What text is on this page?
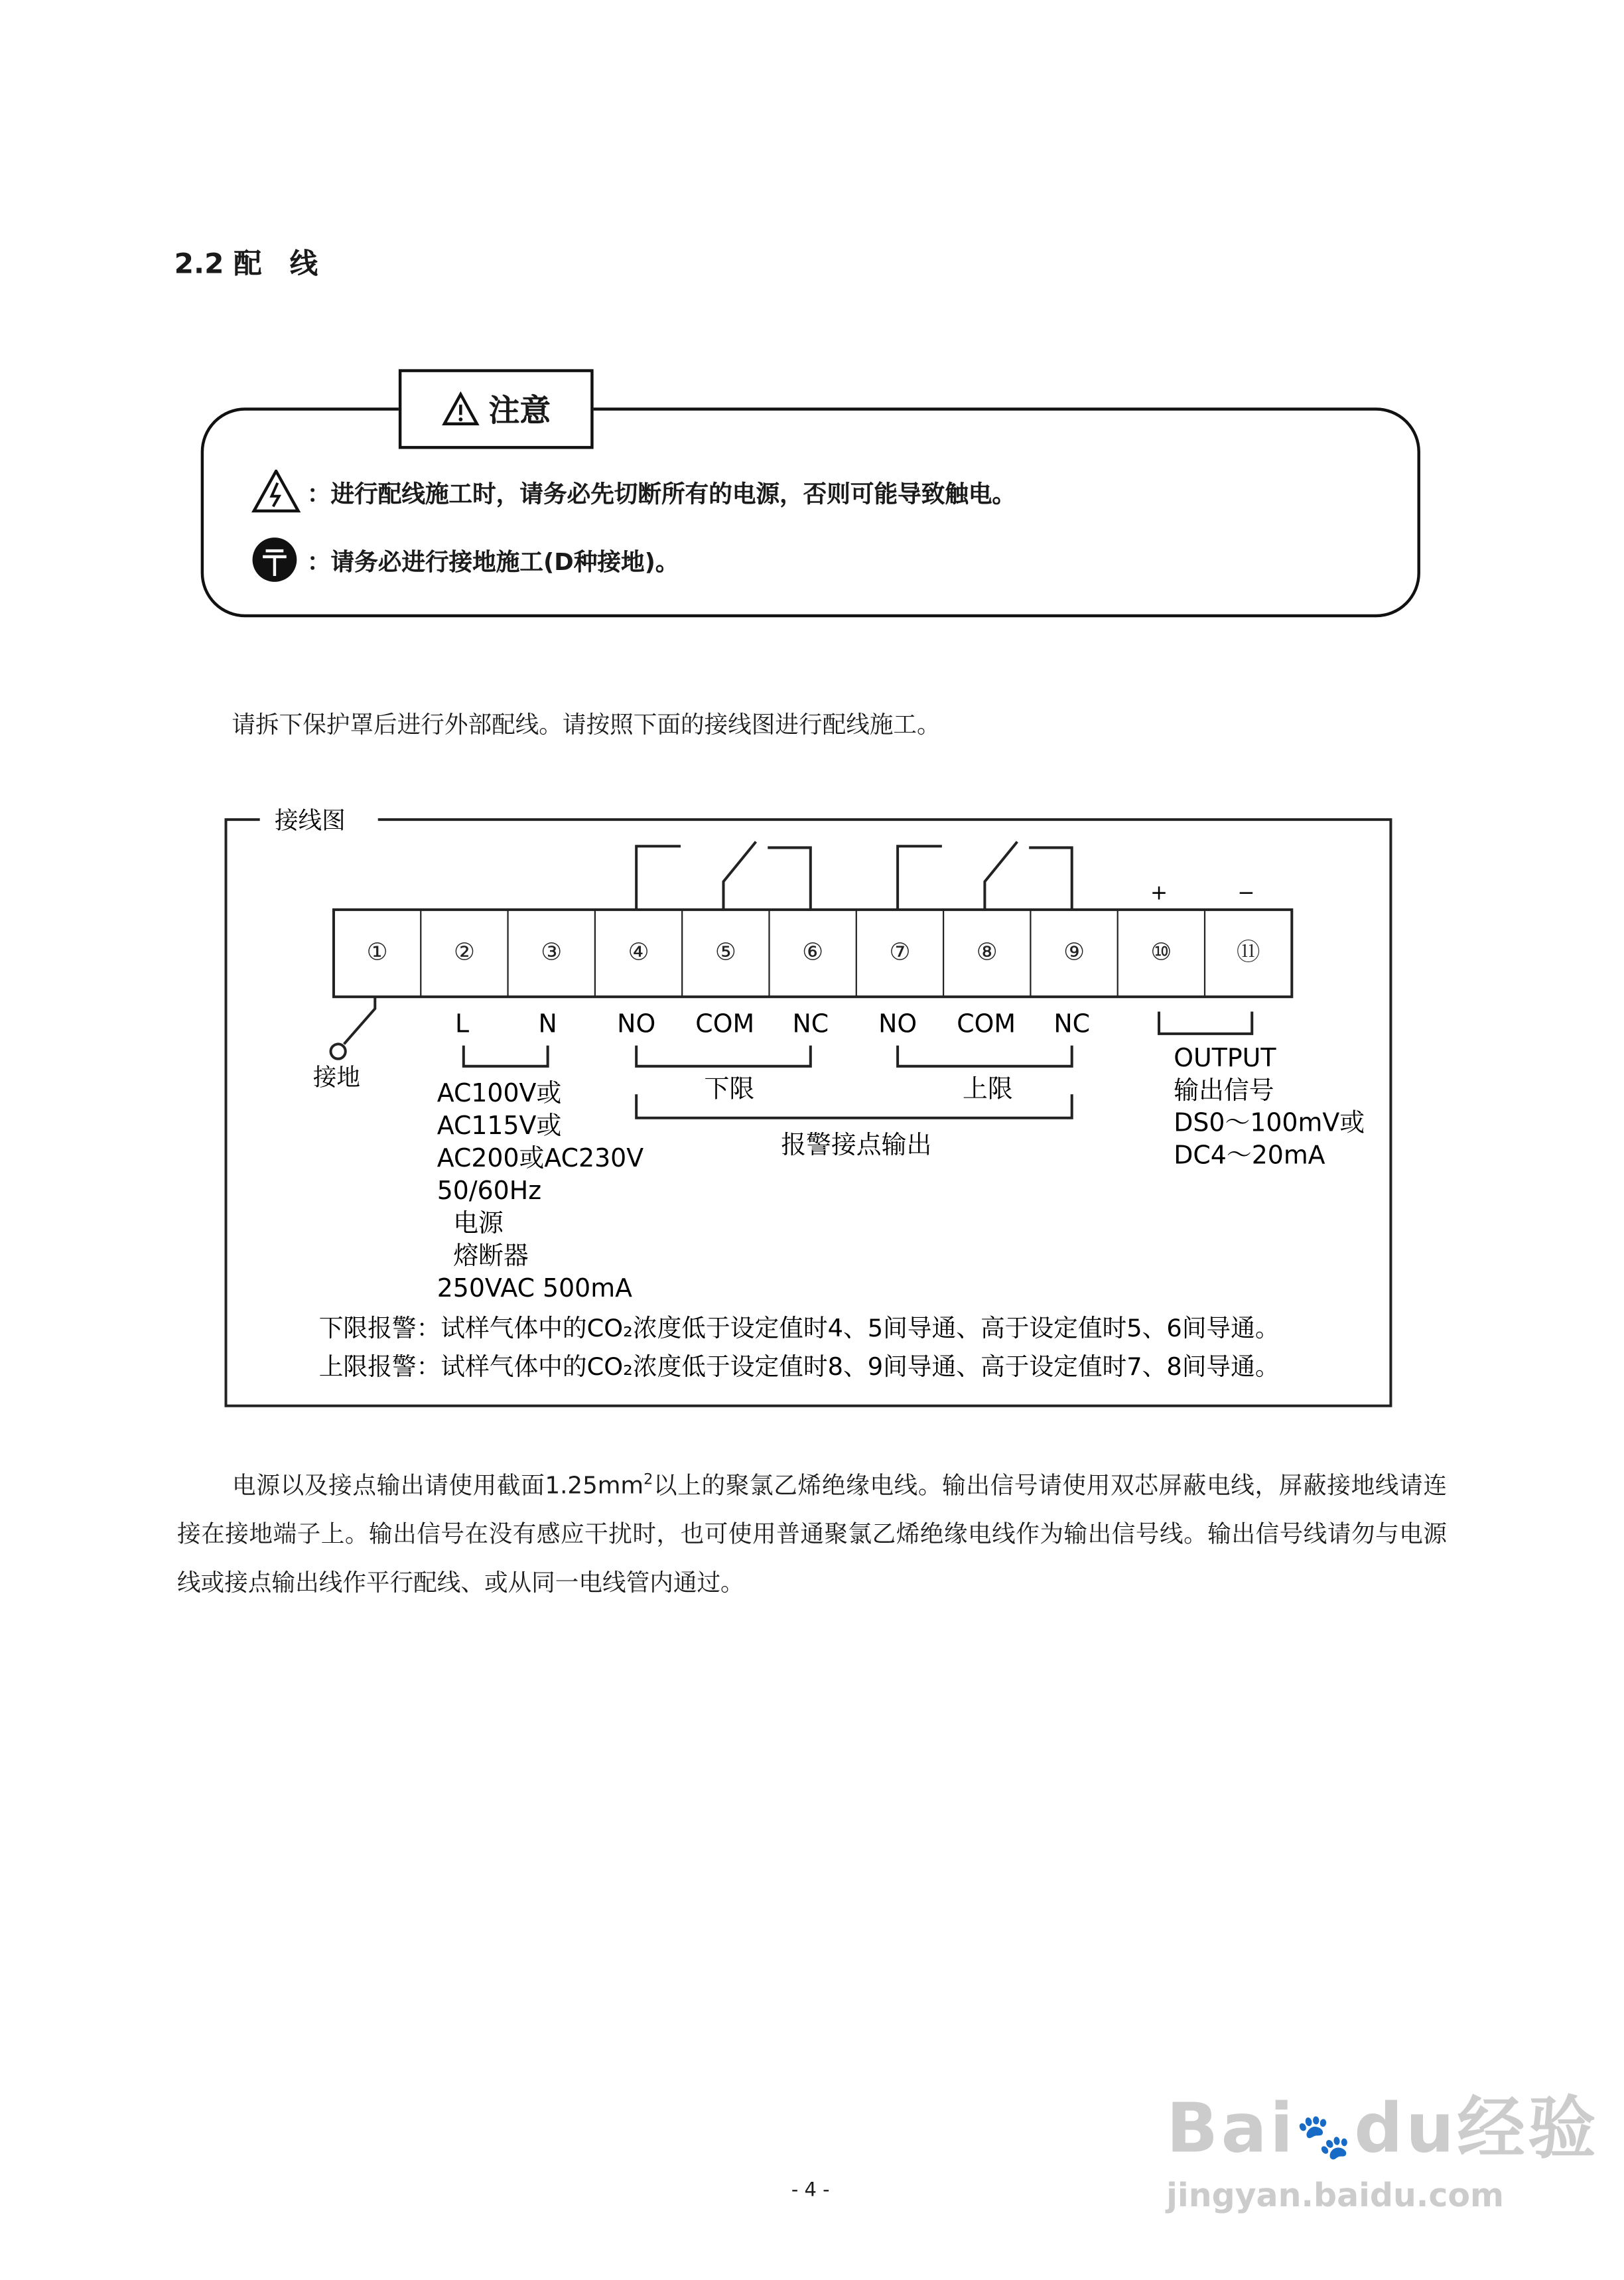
2.2 配　线
注意
：进行配线施工时，请务必先切断所有的电源，否则可能导致触电。
：请务必进行接地施工(D种接地)。
请拆下保护罩后进行外部配线。请按照下面的接线图进行配线施工。
①	②	③	④	⑤	⑥	⑦	⑧	⑨	⑩	⑪
+	−
接线图
L	N	NO	COM	NC	NO	COM	NC
接地
AC100V或
AC115V或
AC200或AC230V
50/60Hz
电源
熔断器
250VAC 500mA
下限	上限
报警接点输出
OUTPUT
输出信号
DS0～100mV或
DC4～20mA
下限报警：试样气体中的CO₂浓度低于设定值时4、5间导通、高于设定值时5、6间导通。
上限报警：试样气体中的CO₂浓度低于设定值时8、9间导通、高于设定值时7、8间导通。
电源以及接点输出请使用截面$1.25mm^2$以上的聚氯乙烯绝缘电线。输出信号请使用双芯屏蔽电线，屏蔽接地线请连接在接地端子上。输出信号在没有感应干扰时，也可使用普通聚氯乙烯绝缘电线作为输出信号线。输出信号线请勿与电源线或接点输出线作平行配线、或从同一电线管内通过。
- 4 -
Bai🐾du经验
jingyan.baidu.com
